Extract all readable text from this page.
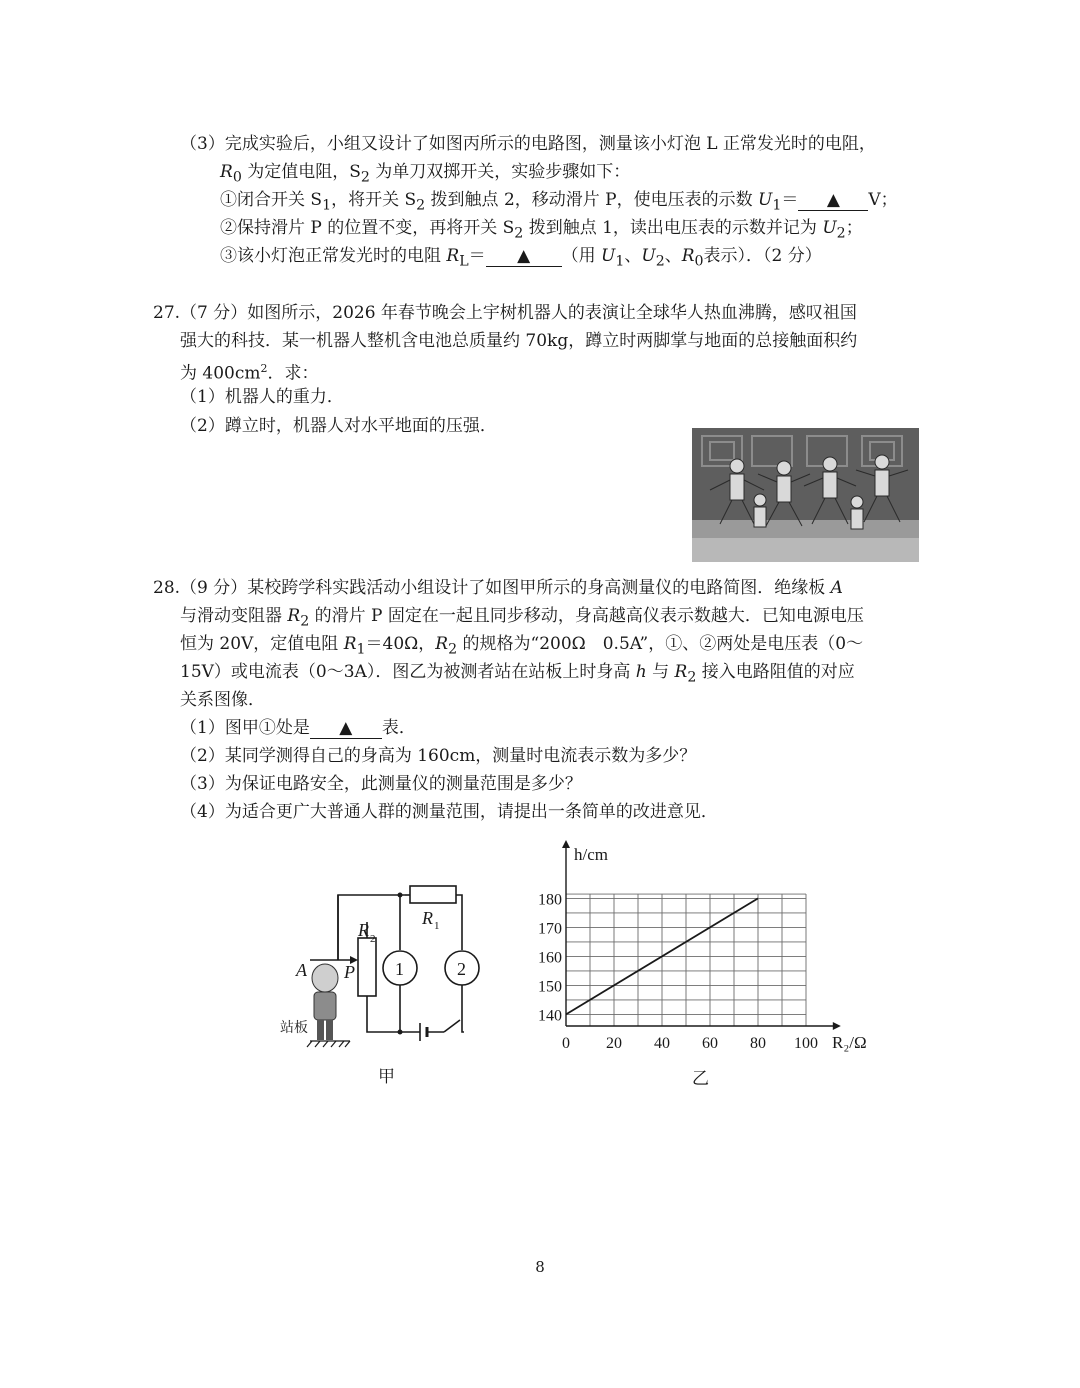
（3）完成实验后，小组又设计了如图丙所示的电路图，测量该小灯泡 L 正常发光时的电阻，
$R_0$ 为定值电阻，$S_2$ 为单刀双掷开关，实验步骤如下：
①闭合开关 $S_1$，将开关 $S_2$ 拨到触点 2，移动滑片 P，使电压表的示数 $U_1=$ ▲ V；
②保持滑片 P 的位置不变，再将开关 $S_2$ 拨到触点 1，读出电压表的示数并记为 $U_2$；
③该小灯泡正常发光时的电阻 $R_L=$ ▲ （用 $U_1$、$U_2$、$R_0$表示）．（2 分）
27.（7 分）如图所示，2026 年春节晚会上宇树机器人的表演让全球华人热血沸腾，感叹祖国
强大的科技．某一机器人整机含电池总质量约 70kg，蹲立时两脚掌与地面的总接触面积约
为 $400cm^2$．求：
（1）机器人的重力．
（2）蹲立时，机器人对水平地面的压强．
28.（9 分）某校跨学科实践活动小组设计了如图甲所示的身高测量仪的电路简图．绝缘板 A
与滑动变阻器 $R_2$ 的滑片 P 固定在一起且同步移动，身高越高仪表示数越大．已知电源电压
恒为 20V，定值电阻 $R_1=40\Omega$，$R_2$ 的规格为“200Ω　0.5A”，①、②两处是电压表（0～
15V）或电流表（0～3A）．图乙为被测者站在站板上时身高 h 与 $R_2$ 接入电路阻值的对应
关系图像．
（1）图甲①处是 ▲ 表．
（2）某同学测得自己的身高为 160cm，测量时电流表示数为多少？
（3）为保证电路安全，此测量仪的测量范围是多少？
（4）为适合更广大普通人群的测量范围，请提出一条简单的改进意见．
A P
R 2
R 1
1	2
站板
甲
0 20 40 60 80 100
140
150
160
170
180
h/cm
R₂/Ω
乙
8
